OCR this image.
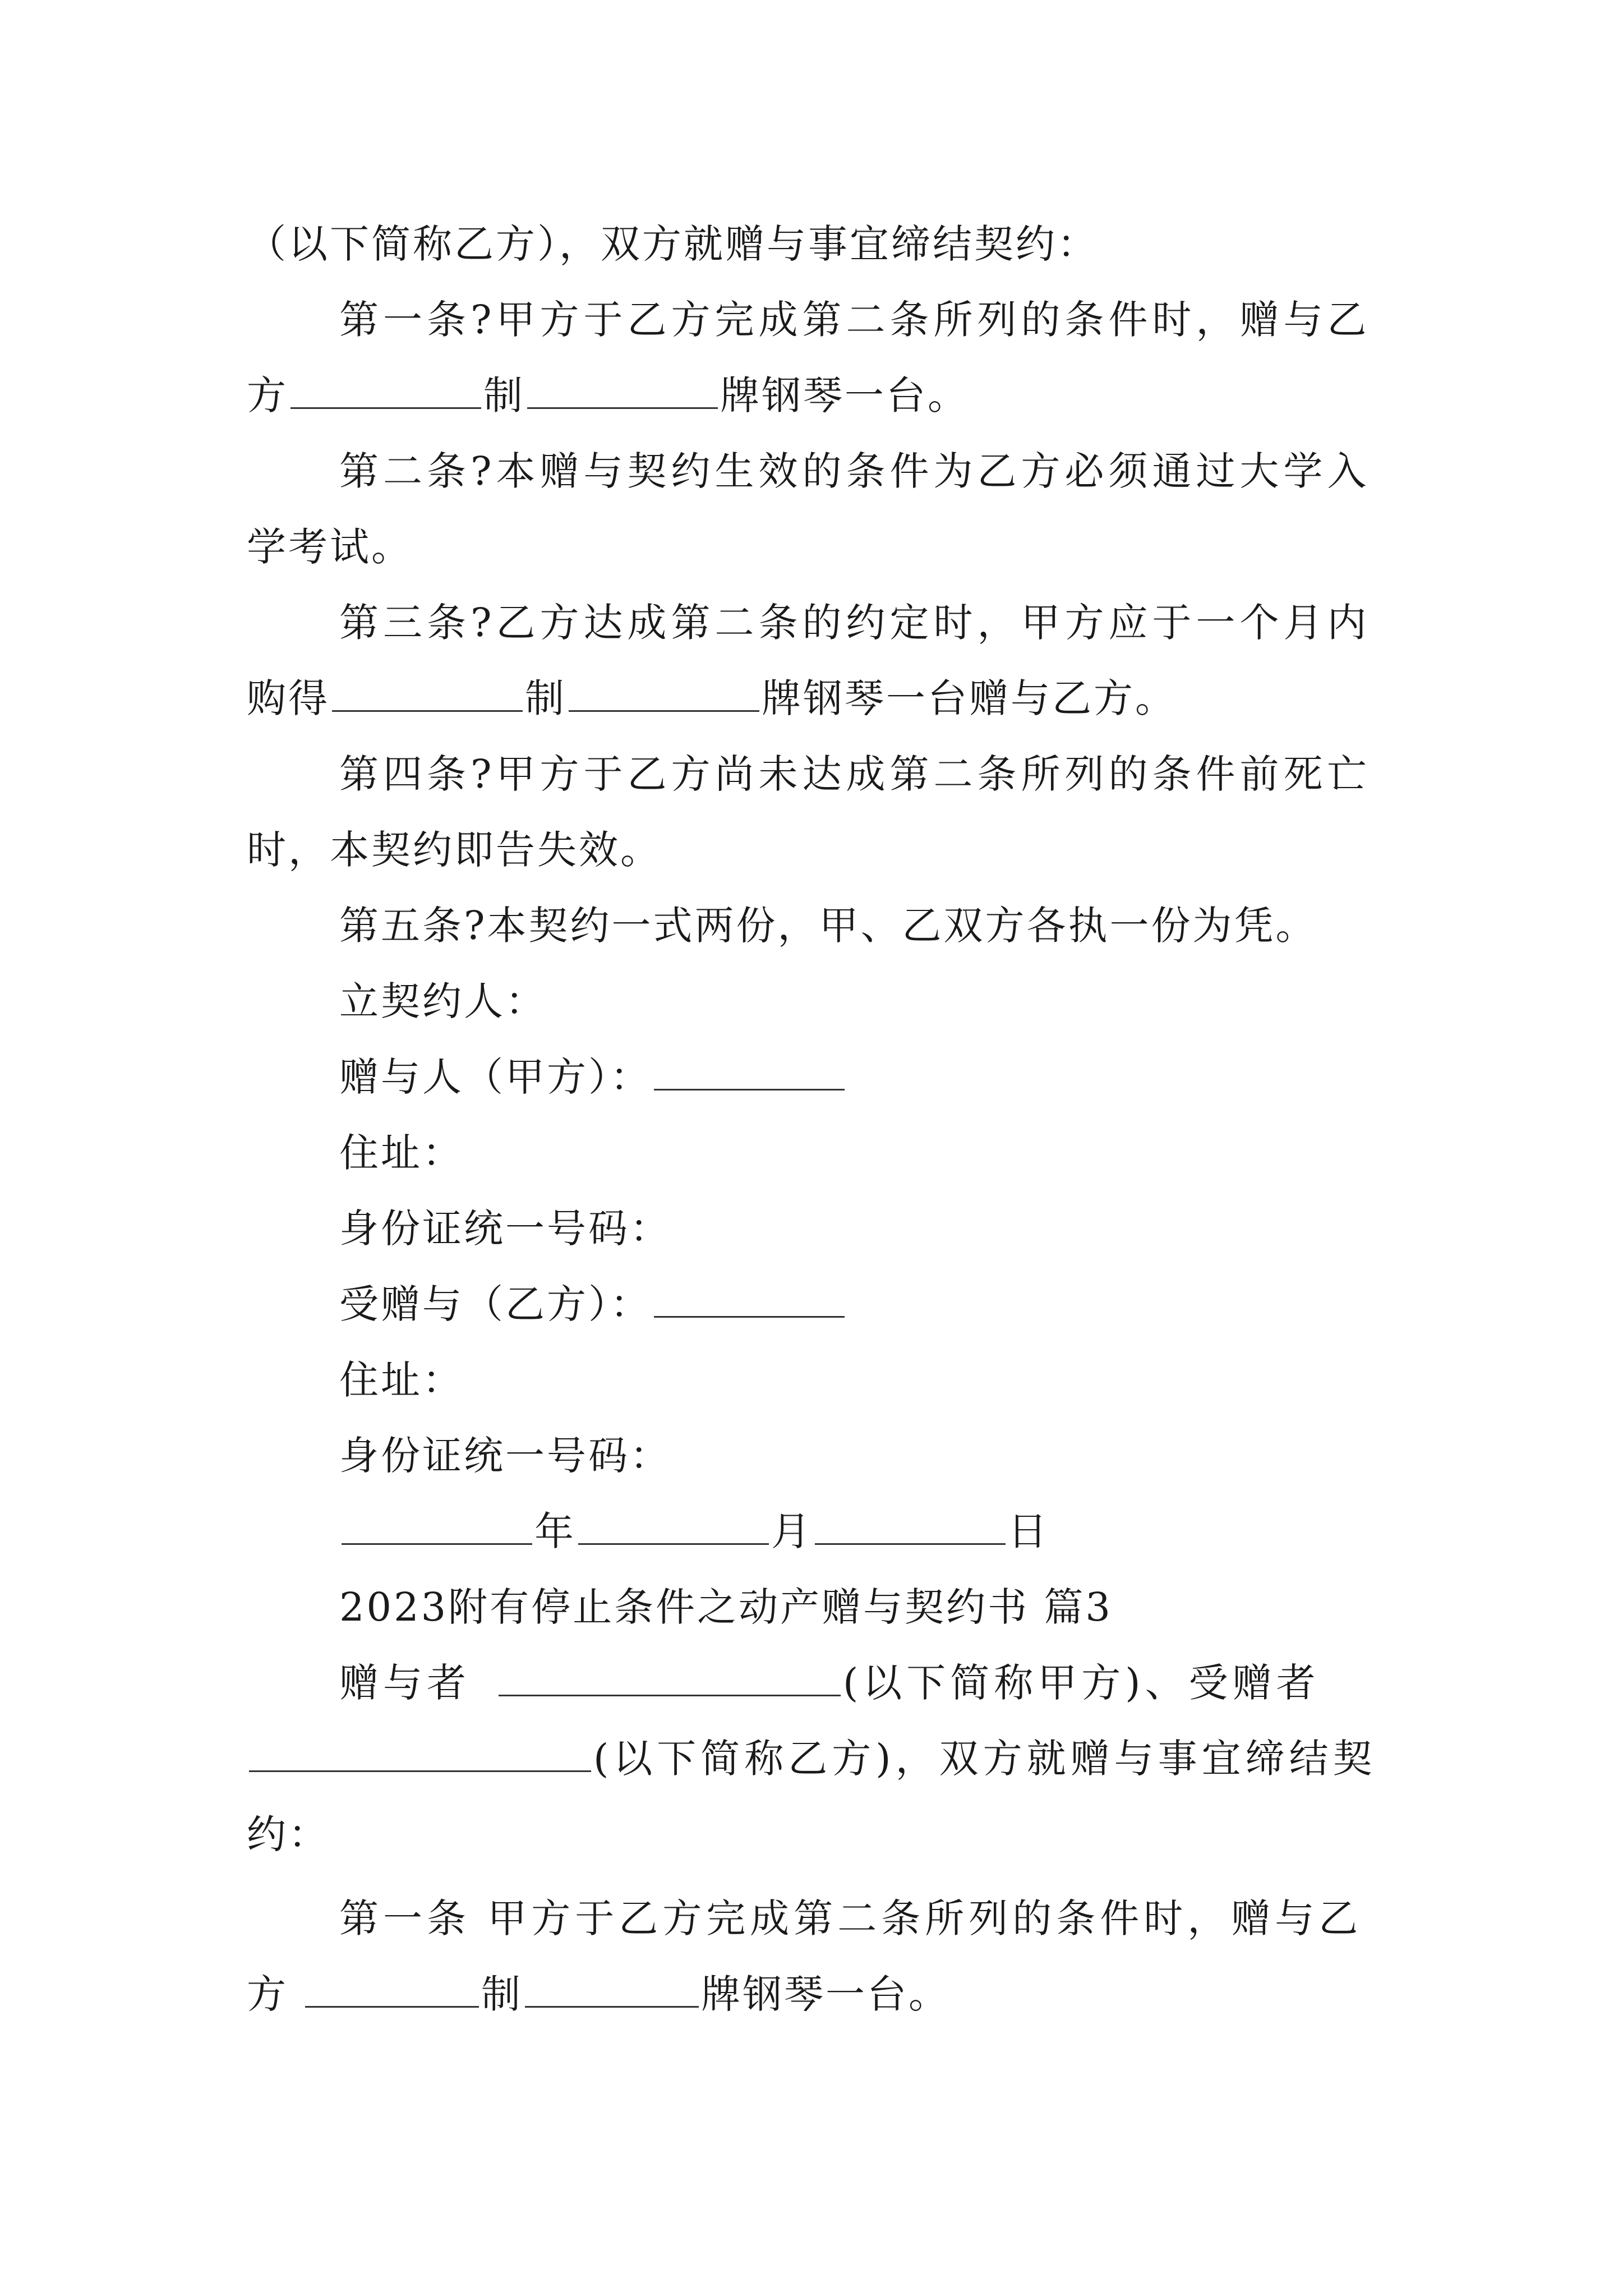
（以下简称乙方），双方就赠与事宜缔结契约：
第一条?甲方于乙方完成第二条所列的条件时，赠与乙
方	制	牌钢琴一台。
第二条?本赠与契约生效的条件为乙方必须通过大学入
学考试。
第三条?乙方达成第二条的约定时，甲方应于一个月内
购得	制	牌钢琴一台赠与乙方。
第四条?甲方于乙方尚未达成第二条所列的条件前死亡
时，本契约即告失效。
第五条?本契约一式两份，甲、乙双方各执一份为凭。
立契约人：
赠与人（甲方）：
住址：
身份证统一号码：
受赠与（乙方）：
住址：
身份证统一号码：
年	月	日
2023附有停止条件之动产赠与契约书 篇3
赠与者	(以下简称甲方)、受赠者
(以下简称乙方)，双方就赠与事宜缔结契
约：
第一条 甲方于乙方完成第二条所列的条件时，赠与乙
方	制	牌钢琴一台。
